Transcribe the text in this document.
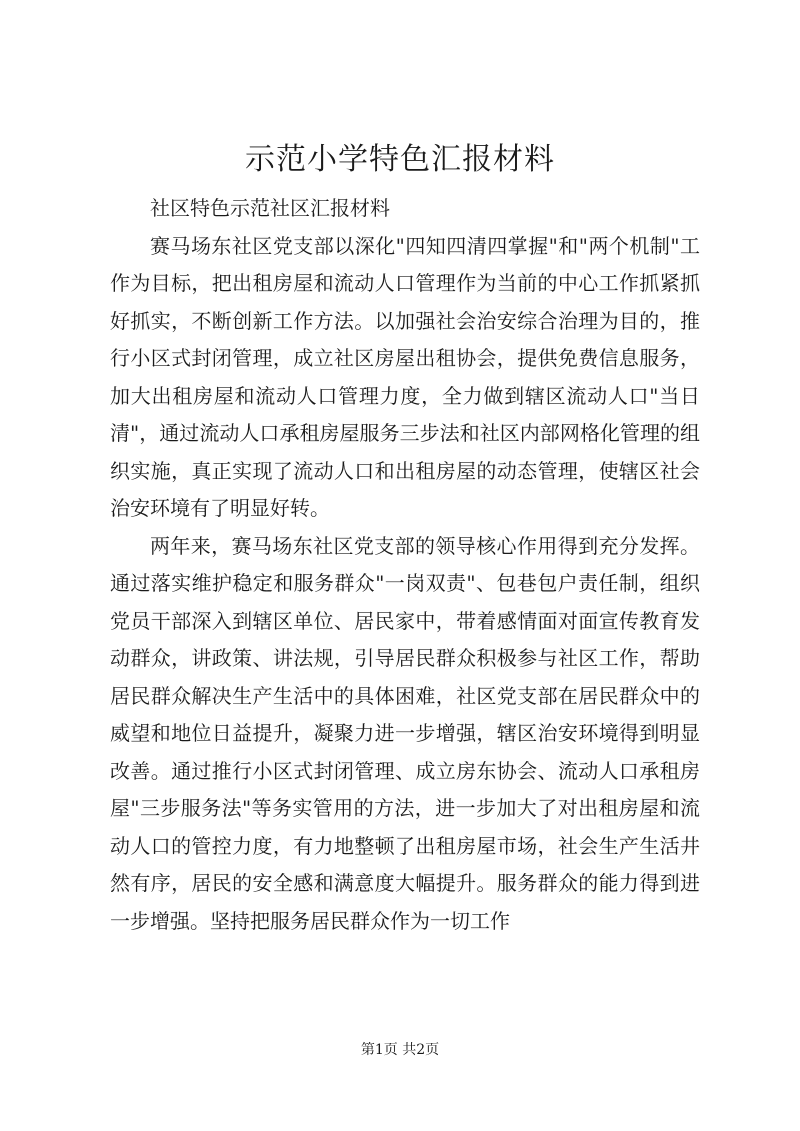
示范小学特色汇报材料

社区特色示范社区汇报材料

赛马场东社区党支部以深化"四知四清四掌握"和"两个机制"工作为目标，把出租房屋和流动人口管理作为当前的中心工作抓紧抓好抓实，不断创新工作方法。以加强社会治安综合治理为目的，推行小区式封闭管理，成立社区房屋出租协会，提供免费信息服务，加大出租房屋和流动人口管理力度，全力做到辖区流动人口"当日清"，通过流动人口承租房屋服务三步法和社区内部网格化管理的组织实施，真正实现了流动人口和出租房屋的动态管理，使辖区社会治安环境有了明显好转。

两年来，赛马场东社区党支部的领导核心作用得到充分发挥。通过落实维护稳定和服务群众"一岗双责"、包巷包户责任制，组织党员干部深入到辖区单位、居民家中，带着感情面对面宣传教育发动群众，讲政策、讲法规，引导居民群众积极参与社区工作，帮助居民群众解决生产生活中的具体困难，社区党支部在居民群众中的威望和地位日益提升，凝聚力进一步增强，辖区治安环境得到明显改善。通过推行小区式封闭管理、成立房东协会、流动人口承租房屋"三步服务法"等务实管用的方法，进一步加大了对出租房屋和流动人口的管控力度，有力地整顿了出租房屋市场，社会生产生活井然有序，居民的安全感和满意度大幅提升。服务群众的能力得到进一步增强。坚持把服务居民群众作为一切工作

第1页 共2页
